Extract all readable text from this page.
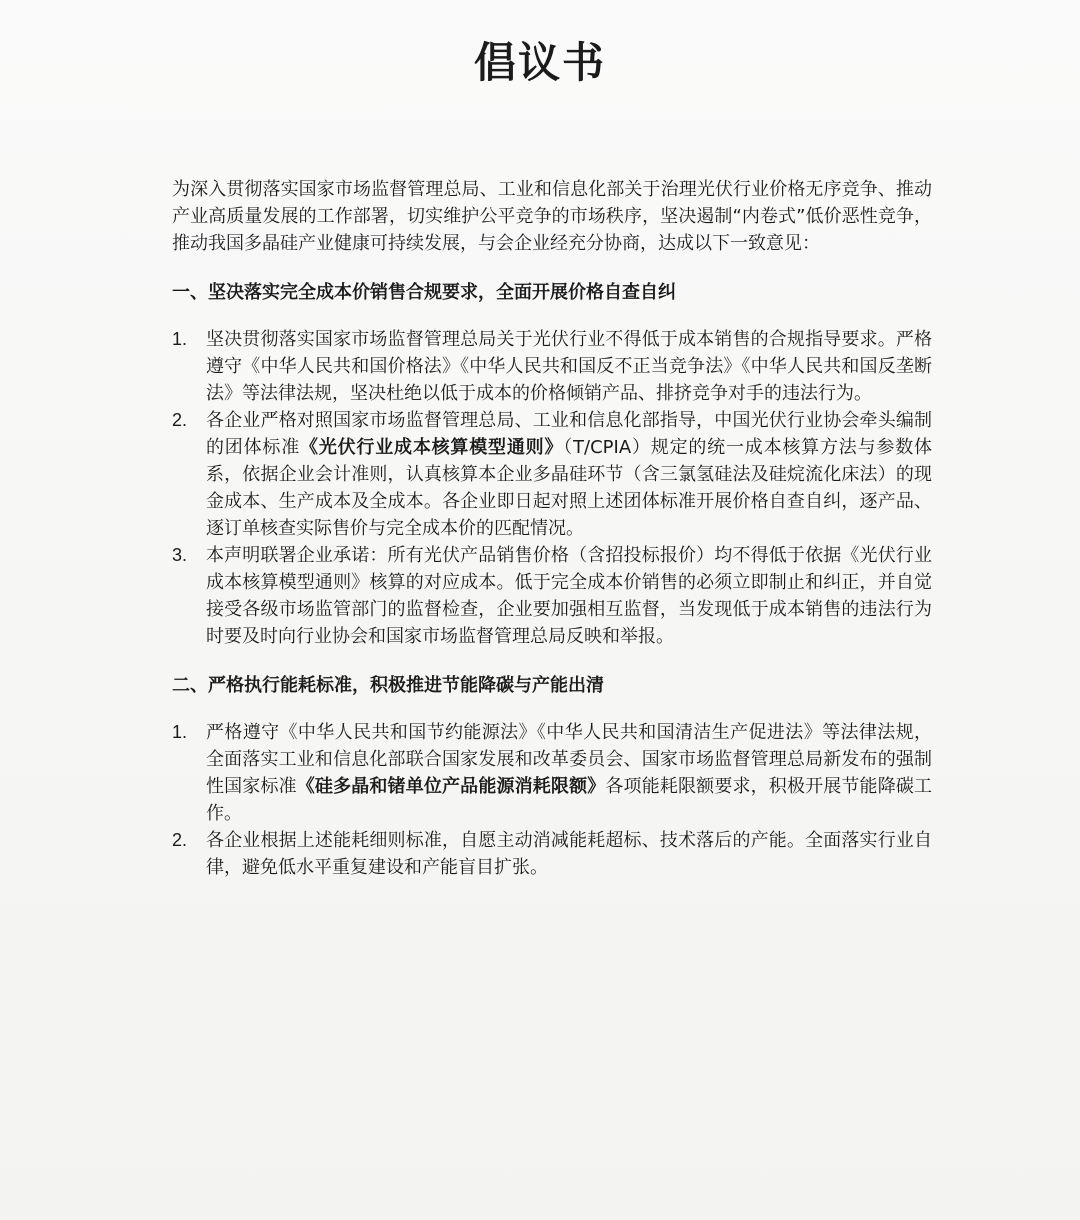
倡议书

为深入贯彻落实国家市场监督管理总局、工业和信息化部关于治理光伏行业价格无序竞争、推动产业高质量发展的工作部署，切实维护公平竞争的市场秩序，坚决遏制“内卷式”低价恶性竞争，推动我国多晶硅产业健康可持续发展，与会企业经充分协商，达成以下一致意见：

一、坚决落实完全成本价销售合规要求，全面开展价格自查自纠
1.	坚决贯彻落实国家市场监督管理总局关于光伏行业不得低于成本销售的合规指导要求。严格遵守《中华人民共和国价格法》《中华人民共和国反不正当竞争法》《中华人民共和国反垄断法》等法律法规，坚决杜绝以低于成本的价格倾销产品、排挤竞争对手的违法行为。
2.	各企业严格对照国家市场监督管理总局、工业和信息化部指导，中国光伏行业协会牵头编制的团体标准《光伏行业成本核算模型通则》（T/CPIA）规定的统一成本核算方法与参数体系，依据企业会计准则，认真核算本企业多晶硅环节（含三氯氢硅法及硅烷流化床法）的现金成本、生产成本及全成本。各企业即日起对照上述团体标准开展价格自查自纠，逐产品、逐订单核查实际售价与完全成本价的匹配情况。
3.	本声明联署企业承诺：所有光伏产品销售价格（含招投标报价）均不得低于依据《光伏行业成本核算模型通则》核算的对应成本。低于完全成本价销售的必须立即制止和纠正，并自觉接受各级市场监管部门的监督检查，企业要加强相互监督，当发现低于成本销售的违法行为时要及时向行业协会和国家市场监督管理总局反映和举报。
二、严格执行能耗标准，积极推进节能降碳与产能出清
1.	严格遵守《中华人民共和国节约能源法》《中华人民共和国清洁生产促进法》等法律法规，全面落实工业和信息化部联合国家发展和改革委员会、国家市场监督管理总局新发布的强制性国家标准《硅多晶和锗单位产品能源消耗限额》各项能耗限额要求，积极开展节能降碳工作。
2.	各企业根据上述能耗细则标准，自愿主动消减能耗超标、技术落后的产能。全面落实行业自律，避免低水平重复建设和产能盲目扩张。
